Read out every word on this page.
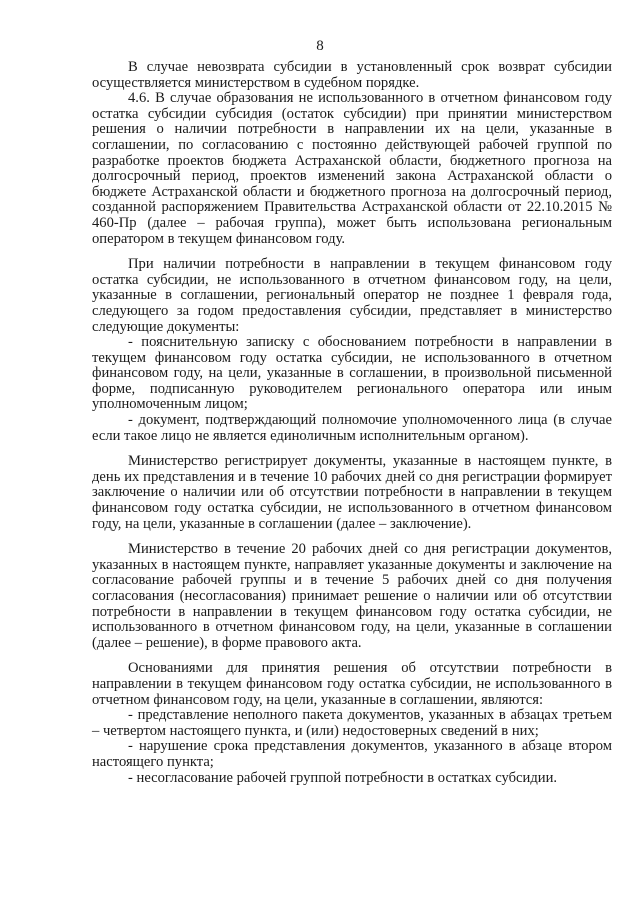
8

В случае невозврата субсидии в установленный срок возврат субсидии осуществляется министерством в судебном порядке.

4.6. В случае образования не использованного в отчетном финансовом году остатка субсидии субсидия (остаток субсидии) при принятии министерством решения о наличии потребности в направлении их на цели, указанные в соглашении, по согласованию с постоянно действующей рабочей группой по разработке проектов бюджета Астраханской области, бюджетного прогноза на долгосрочный период, проектов изменений закона Астраханской области о бюджете Астраханской области и бюджетного прогноза на долгосрочный период, созданной распоряжением Правительства Астраханской области от 22.10.2015 № 460-Пр (далее – рабочая группа), может быть использована региональным оператором в текущем финансовом году.

При наличии потребности в направлении в текущем финансовом году остатка субсидии, не использованного в отчетном финансовом году, на цели, указанные в соглашении, региональный оператор не позднее 1 февраля года, следующего за годом предоставления субсидии, представляет в министерство следующие документы:

- пояснительную записку с обоснованием потребности в направлении в текущем финансовом году остатка субсидии, не использованного в отчетном финансовом году, на цели, указанные в соглашении, в произвольной письменной форме, подписанную руководителем регионального оператора или иным уполномоченным лицом;

- документ, подтверждающий полномочие уполномоченного лица (в случае если такое лицо не является единоличным исполнительным органом).

Министерство регистрирует документы, указанные в настоящем пункте, в день их представления и в течение 10 рабочих дней со дня регистрации формирует заключение о наличии или об отсутствии потребности в направлении в текущем финансовом году остатка субсидии, не использованного в отчетном финансовом году, на цели, указанные в соглашении (далее – заключение).

Министерство в течение 20 рабочих дней со дня регистрации документов, указанных в настоящем пункте, направляет указанные документы и заключение на согласование рабочей группы и в течение 5 рабочих дней со дня получения согласования (несогласования) принимает решение о наличии или об отсутствии потребности в направлении в текущем финансовом году остатка субсидии, не использованного в отчетном финансовом году, на цели, указанные в соглашении (далее – решение), в форме правового акта.

Основаниями для принятия решения об отсутствии потребности в направлении в текущем финансовом году остатка субсидии, не использованного в отчетном финансовом году, на цели, указанные в соглашении, являются:

- представление неполного пакета документов, указанных в абзацах третьем – четвертом настоящего пункта, и (или) недостоверных сведений в них;

- нарушение срока представления документов, указанного в абзаце втором настоящего пункта;

- несогласование рабочей группой потребности в остатках субсидии.
